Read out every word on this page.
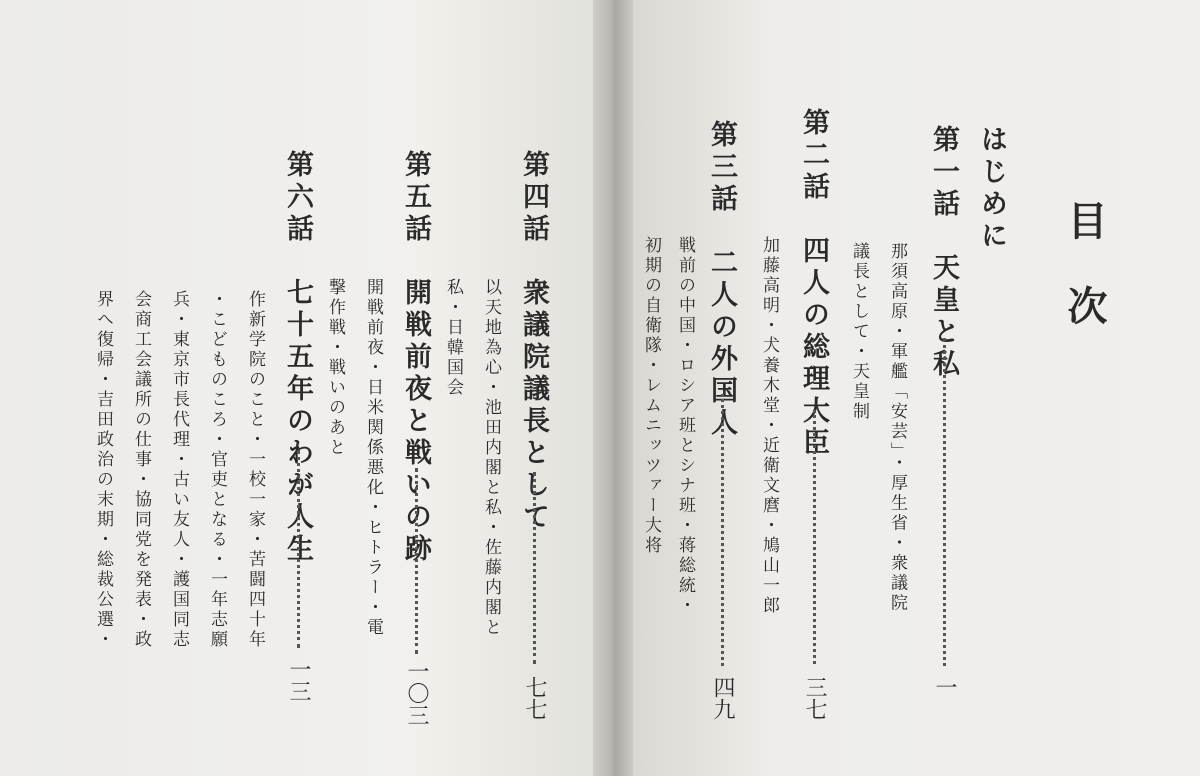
目
次
はじめに
第一話　天皇と私
一
那須高原・軍艦「安芸」・厚生省・衆議院
議長として・天皇制
第二話　四人の総理大臣
三七
加藤高明・犬養木堂・近衛文麿・鳩山一郎
第三話　二人の外国人
四九
戦前の中国・ロシア班とシナ班・蒋総統・
初期の自衛隊・レムニッツァー大将
第四話　衆議院議長として
七七
以天地為心・池田内閣と私・佐藤内閣と
私・日韓国会
第五話　開戦前夜と戦いの跡
一〇三
開戦前夜・日米関係悪化・ヒトラー・電
撃作戦・戦いのあと
第六話　七十五年のわが人生
一三
作新学院のこと・一校一家・苦闘四十年
・こどものころ・官吏となる・一年志願
兵・東京市長代理・古い友人・護国同志
会商工会議所の仕事・協同党を発表・政
界へ復帰・吉田政治の末期・総裁公選・
